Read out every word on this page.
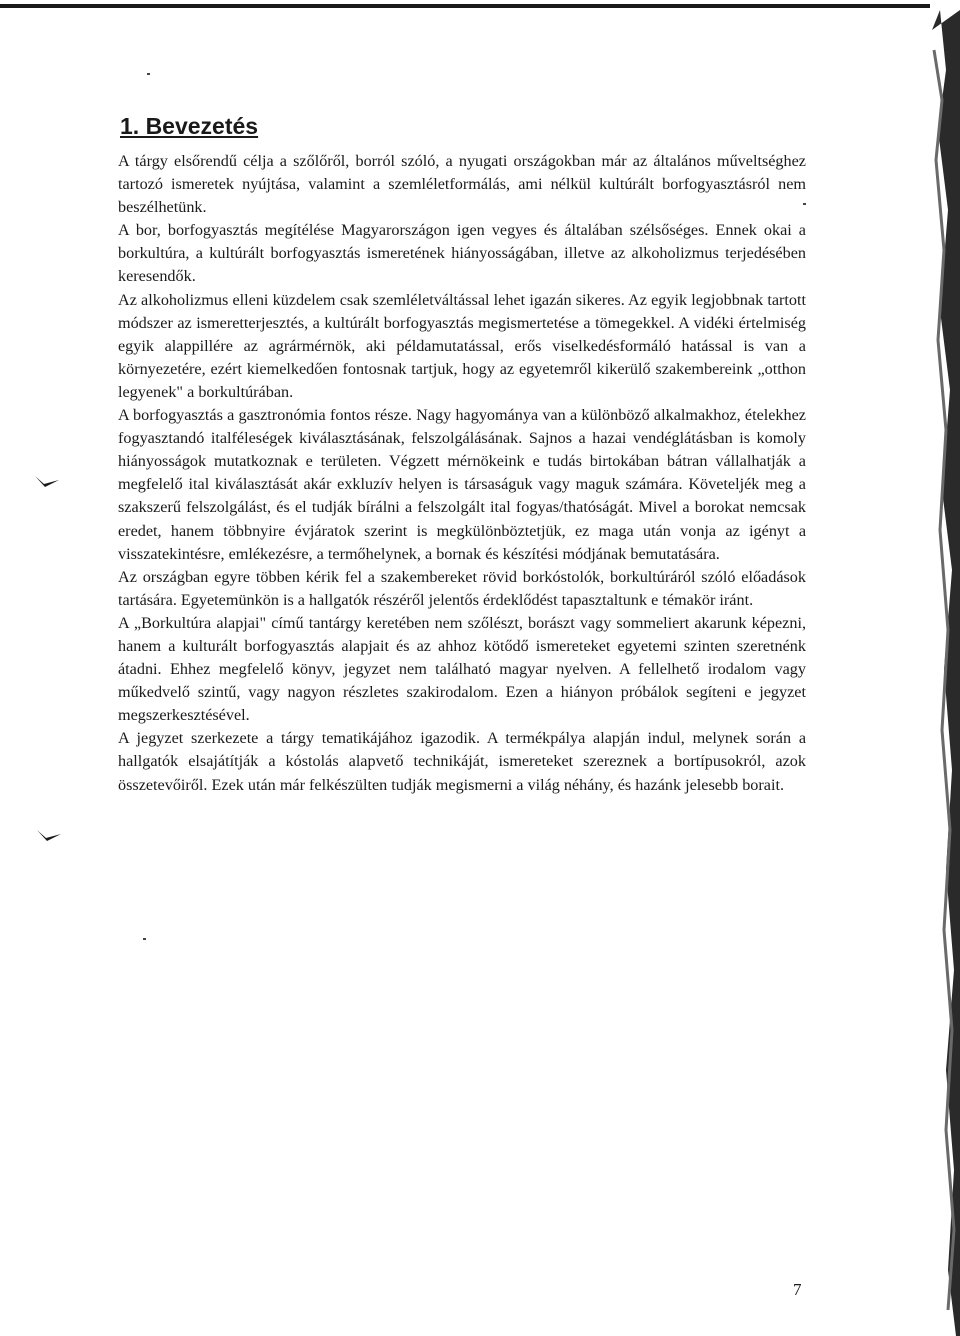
1. Bevezetés

A tárgy elsőrendű célja a szőlőről, borról szóló, a nyugati országokban már az általános műveltséghez tartozó ismeretek nyújtása, valamint a szemléletformálás, ami nélkül kultúrált borfogyasztásról nem beszélhetünk.

A bor, borfogyasztás megítélése Magyarországon igen vegyes és általában szélsőséges. Ennek okai a borkultúra, a kultúrált borfogyasztás ismeretének hiányosságában, illetve az alkoholizmus terjedésében keresendők.

Az alkoholizmus elleni küzdelem csak szemléletváltással lehet igazán sikeres. Az egyik legjobbnak tartott módszer az ismeretterjesztés, a kultúrált borfogyasztás megismertetése a tömegekkel. A vidéki értelmiség egyik alappillére az agrármérnök, aki példamutatással, erős viselkedésformáló hatással is van a környezetére, ezért kiemelkedően fontosnak tartjuk, hogy az egyetemről kikerülő szakembereink „otthon legyenek" a borkultúrában.

A borfogyasztás a gasztronómia fontos része. Nagy hagyománya van a különböző alkalmakhoz, ételekhez fogyasztandó italféleségek kiválasztásának, felszolgálásának. Sajnos a hazai vendéglátásban is komoly hiányosságok mutatkoznak e területen. Végzett mérnökeink e tudás birtokában bátran vállalhatják a megfelelő ital kiválasztását akár exkluzív helyen is társaságuk vagy maguk számára. Követeljék meg a szakszerű felszolgálást, és el tudják bírálni a felszolgált ital fogyas/thatóságát. Mivel a borokat nemcsak eredet, hanem többnyire évjáratok szerint is megkülönböztetjük, ez maga után vonja az igényt a visszatekintésre, emlékezésre, a termőhelynek, a bornak és készítési módjának bemutatására.

Az országban egyre többen kérik fel a szakembereket rövid borkóstolók, borkultúráról szóló előadások tartására. Egyetemünkön is a hallgatók részéről jelentős érdeklődést tapasztaltunk e témakör iránt.

A „Borkultúra alapjai" című tantárgy keretében nem szőlészt, borászt vagy sommeliert akarunk képezni, hanem a kulturált borfogyasztás alapjait és az ahhoz kötődő ismereteket egyetemi szinten szeretnénk átadni. Ehhez megfelelő könyv, jegyzet nem található magyar nyelven. A fellelhető irodalom vagy műkedvelő szintű, vagy nagyon részletes szakirodalom. Ezen a hiányon próbálok segíteni e jegyzet megszerkesztésével.

A jegyzet szerkezete a tárgy tematikájához igazodik. A termékpálya alapján indul, melynek során a hallgatók elsajátítják a kóstolás alapvető technikáját, ismereteket szereznek a bortípusokról, azok összetevőiről. Ezek után már felkészülten tudják megismerni a világ néhány, és hazánk jelesebb borait.

7
